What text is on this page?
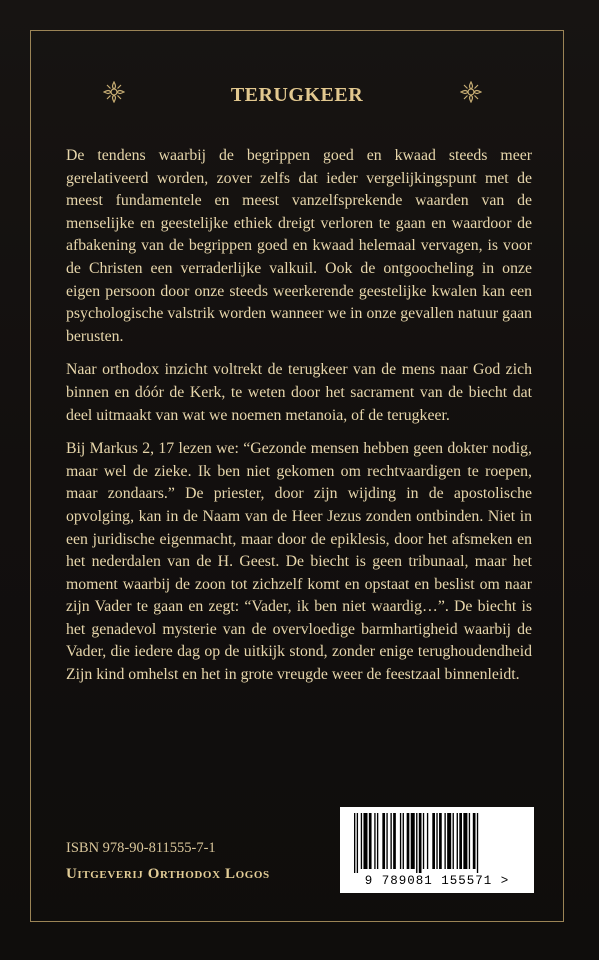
TERUGKEER

De tendens waarbij de begrippen goed en kwaad steeds meer gerelativeerd worden, zover zelfs dat ieder vergelijkingspunt met de meest fundamentele en meest vanzelfsprekende waarden van de menselijke en geestelijke ethiek dreigt verloren te gaan en waardoor de afbakening van de begrippen goed en kwaad helemaal vervagen, is voor de Christen een verraderlijke valkuil. Ook de ontgoocheling in onze eigen persoon door onze steeds weerkerende geestelijke kwalen kan een psychologische valstrik worden wanneer we in onze gevallen natuur gaan berusten.

Naar orthodox inzicht voltrekt de terugkeer van de mens naar God zich binnen en dóór de Kerk, te weten door het sacrament van de biecht dat deel uitmaakt van wat we noemen metanoia, of de terugkeer.

Bij Markus 2, 17 lezen we: “Gezonde mensen hebben geen dokter nodig, maar wel de zieke. Ik ben niet gekomen om rechtvaardigen te roepen, maar zondaars.” De priester, door zijn wijding in de apostolische opvolging, kan in de Naam van de Heer Jezus zonden ontbinden. Niet in een juridische eigenmacht, maar door de epiklesis, door het afsmeken en het nederdalen van de H. Geest. De biecht is geen tribunaal, maar het moment waarbij de zoon tot zichzelf komt en opstaat en beslist om naar zijn Vader te gaan en zegt: “Vader, ik ben niet waardig…”. De biecht is het genadevol mysterie van de overvloedige barmhartigheid waarbij de Vader, die iedere dag op de uitkijk stond, zonder enige terughoudendheid Zijn kind omhelst en het in grote vreugde weer de feestzaal binnenleidt.

ISBN 978-90-811555-7-1
Uitgeverij Orthodox Logos	9 789081 155571 >
